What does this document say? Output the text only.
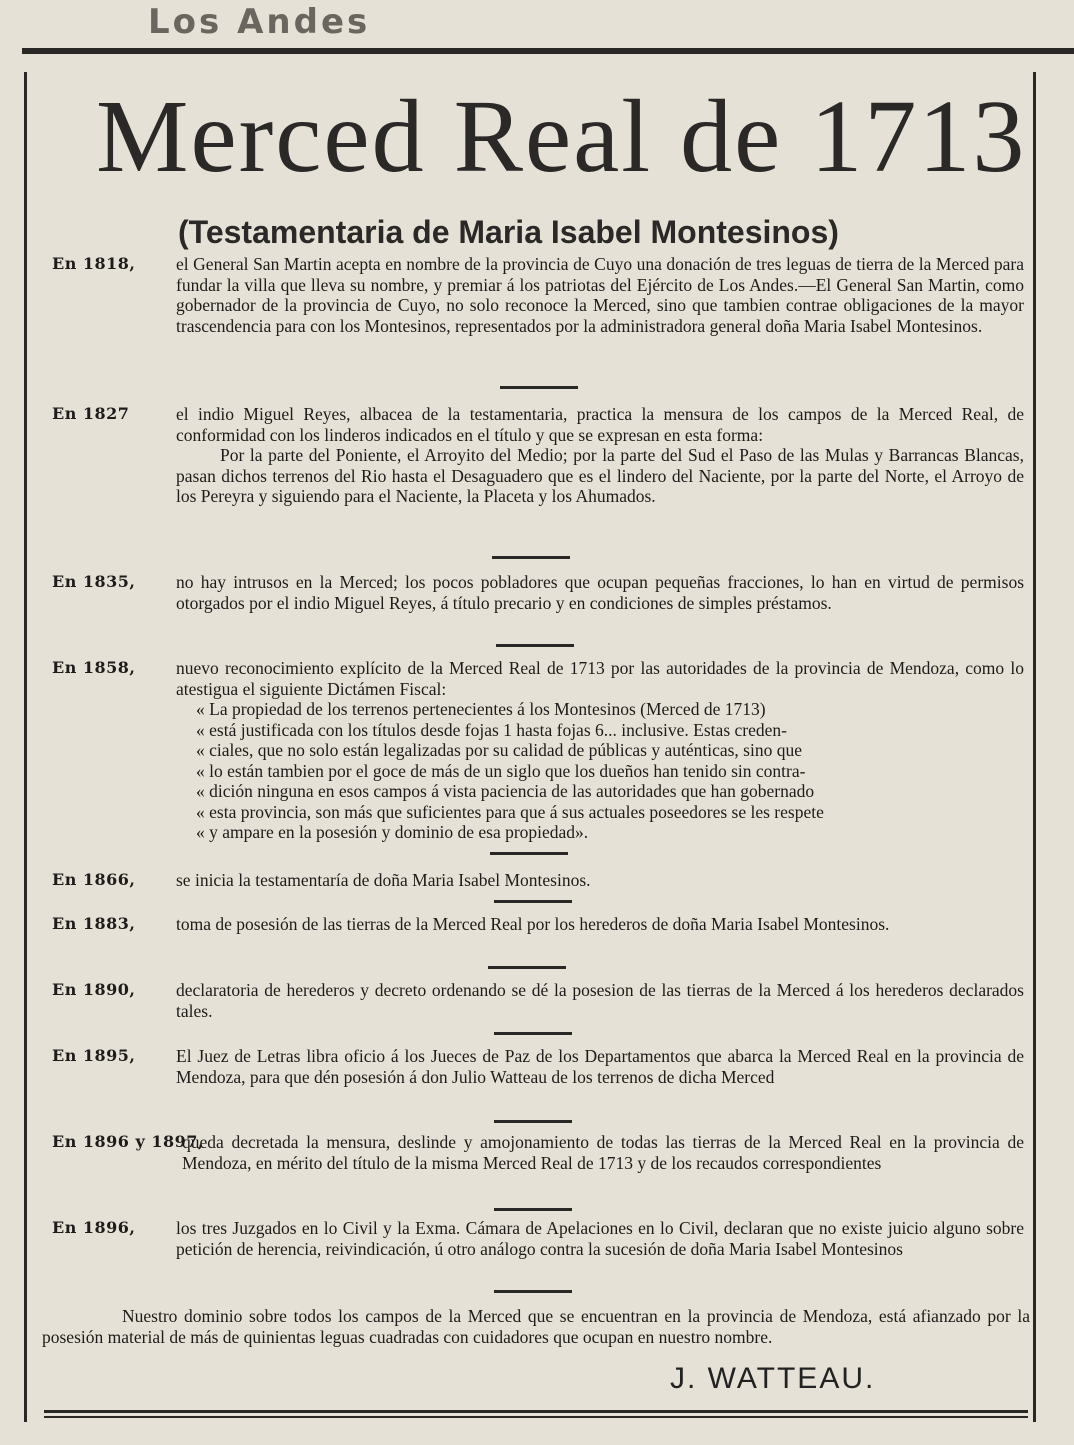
Los Andes
Merced Real de 1713
(Testamentaria de Maria Isabel Montesinos)
En 1818, el General San Martin acepta en nombre de la provincia de Cuyo una donación de tres leguas de tierra de la Merced para fundar la villa que lleva su nombre, y premiar á los patriotas del Ejército de Los Andes.—El General San Martin, como gobernador de la provincia de Cuyo, no solo reconoce la Merced, sino que tambien contrae obligaciones de la mayor trascendencia para con los Montesinos, representados por la administradora general doña Maria Isabel Montesinos.
En 1827	el indio Miguel Reyes, albacea de la testamentaria, practica la mensura de los campos de la Merced Real, de conformidad con los linderos indicados en el título y que se expresan en esta forma:
Por la parte del Poniente, el Arroyito del Medio; por la parte del Sud el Paso de las Mulas y Barrancas Blancas, pasan dichos terrenos del Rio hasta el Desaguadero que es el lindero del Naciente, por la parte del Norte, el Arroyo de los Pereyra y siguiendo para el Naciente, la Placeta y los Ahumados.
En 1835, no hay intrusos en la Merced; los pocos pobladores que ocupan pequeñas fracciones, lo han en virtud de permisos otorgados por el indio Miguel Reyes, á título precario y en condiciones de simples préstamos.
En 1858, nuevo reconocimiento explícito de la Merced Real de 1713 por las autoridades de la provincia de Mendoza, como lo atestigua el siguiente Dictámen Fiscal:
« La propiedad de los terrenos pertenecientes á los Montesinos (Merced de 1713)
« está justificada con los títulos desde fojas 1 hasta fojas 6... inclusive. Estas creden-
« ciales, que no solo están legalizadas por su calidad de públicas y auténticas, sino que
« lo están tambien por el goce de más de un siglo que los dueños han tenido sin contra-
« dición ninguna en esos campos á vista paciencia de las autoridades que han gobernado
« esta provincia, son más que suficientes para que á sus actuales poseedores se les respete
« y ampare en la posesión y dominio de esa propiedad».
En 1866, se inicia la testamentaría de doña Maria Isabel Montesinos.
En 1883, toma de posesión de las tierras de la Merced Real por los herederos de doña Maria Isabel Montesinos.
En 1890, declaratoria de herederos y decreto ordenando se dé la posesion de las tierras de la Merced á los herederos declarados tales.
En 1895, El Juez de Letras libra oficio á los Jueces de Paz de los Departamentos que abarca la Merced Real en la provincia de Mendoza, para que dén posesión á don Julio Watteau de los terrenos de dicha Merced
En 1896 y 1897,
queda decretada la mensura, deslinde y amojonamiento de todas las tierras de la Merced Real en la provincia de Mendoza, en mérito del título de la misma Merced Real de 1713 y de los recaudos correspondientes
En 1896, los tres Juzgados en lo Civil y la Exma. Cámara de Apelaciones en lo Civil, declaran que no existe juicio alguno sobre petición de herencia, reivindicación, ú otro análogo contra la sucesión de doña Maria Isabel Montesinos
Nuestro dominio sobre todos los campos de la Merced que se encuentran en la provincia de Mendoza, está afianzado por la posesión material de más de quinientas leguas cuadradas con cuidadores que ocupan en nuestro nombre.
J. WATTEAU.
